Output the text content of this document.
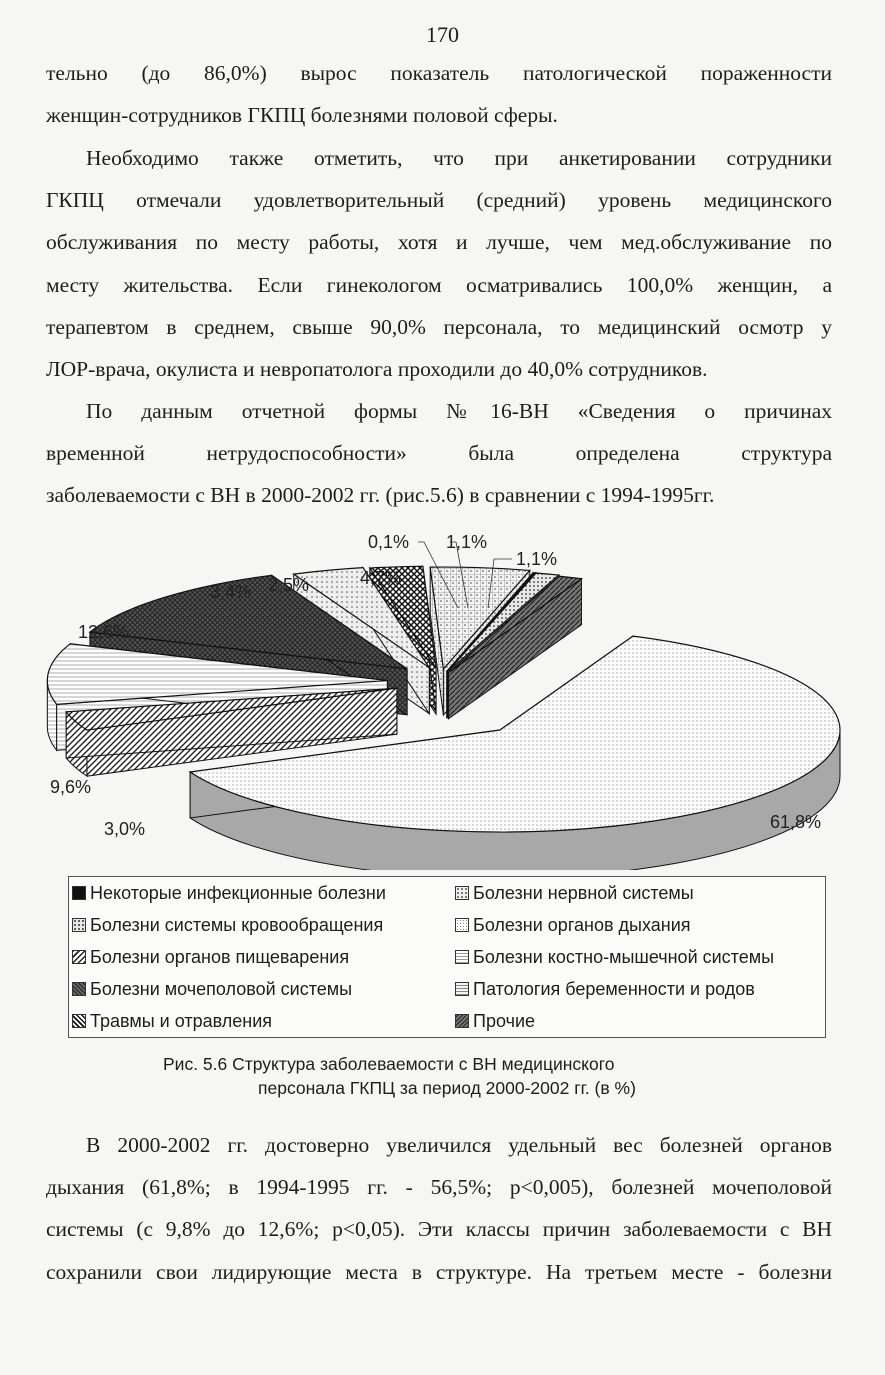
170

тельно (до 86,0%) вырос показатель патологической пораженности
женщин-сотрудников ГКПЦ болезнями половой сферы.

Необходимо также отметить, что при анкетировании сотрудники
ГКПЦ отмечали удовлетворительный (средний) уровень медицинского
обслуживания по месту работы, хотя и лучше, чем мед.обслуживание по
месту жительства. Если гинекологом осматривались 100,0% женщин, а
терапевтом в среднем, свыше 90,0% персонала, то медицинский осмотр у
ЛОР-врача, окулиста и невропатолога проходили до 40,0% сотрудников.

По данным отчетной формы №16-ВН «Сведения о причинах
временной нетрудоспособности» была определена структура
заболеваемости с ВН в 2000-2002 гг. (рис.5.6) в сравнении с 1994-1995гг.

61,8%
3,0%
9,6%
12,6%
3,4% 2,5%	4,7%
0,1% 1,1%
1,1%
Некоторые инфекционные болезни	Болезни нервной системы
Болезни системы кровообращения	Болезни органов дыхания
Болезни органов пищеварения	Болезни костно-мышечной системы
Болезни мочеполовой системы	Патология беременности и родов
Травмы и отравления	Прочие
Рис. 5.6 Структура заболеваемости с ВН медицинского
персонала ГКПЦ за период 2000-2002 гг. (в %)

В 2000-2002 гг. достоверно увеличился удельный вес болезней органов
дыхания (61,8%; в 1994-1995 гг. - 56,5%; p<0,005), болезней мочеполовой
системы (с 9,8% до 12,6%; p<0,05). Эти классы причин заболеваемости с ВН
сохранили свои лидирующие места в структуре. На третьем месте - болезни
